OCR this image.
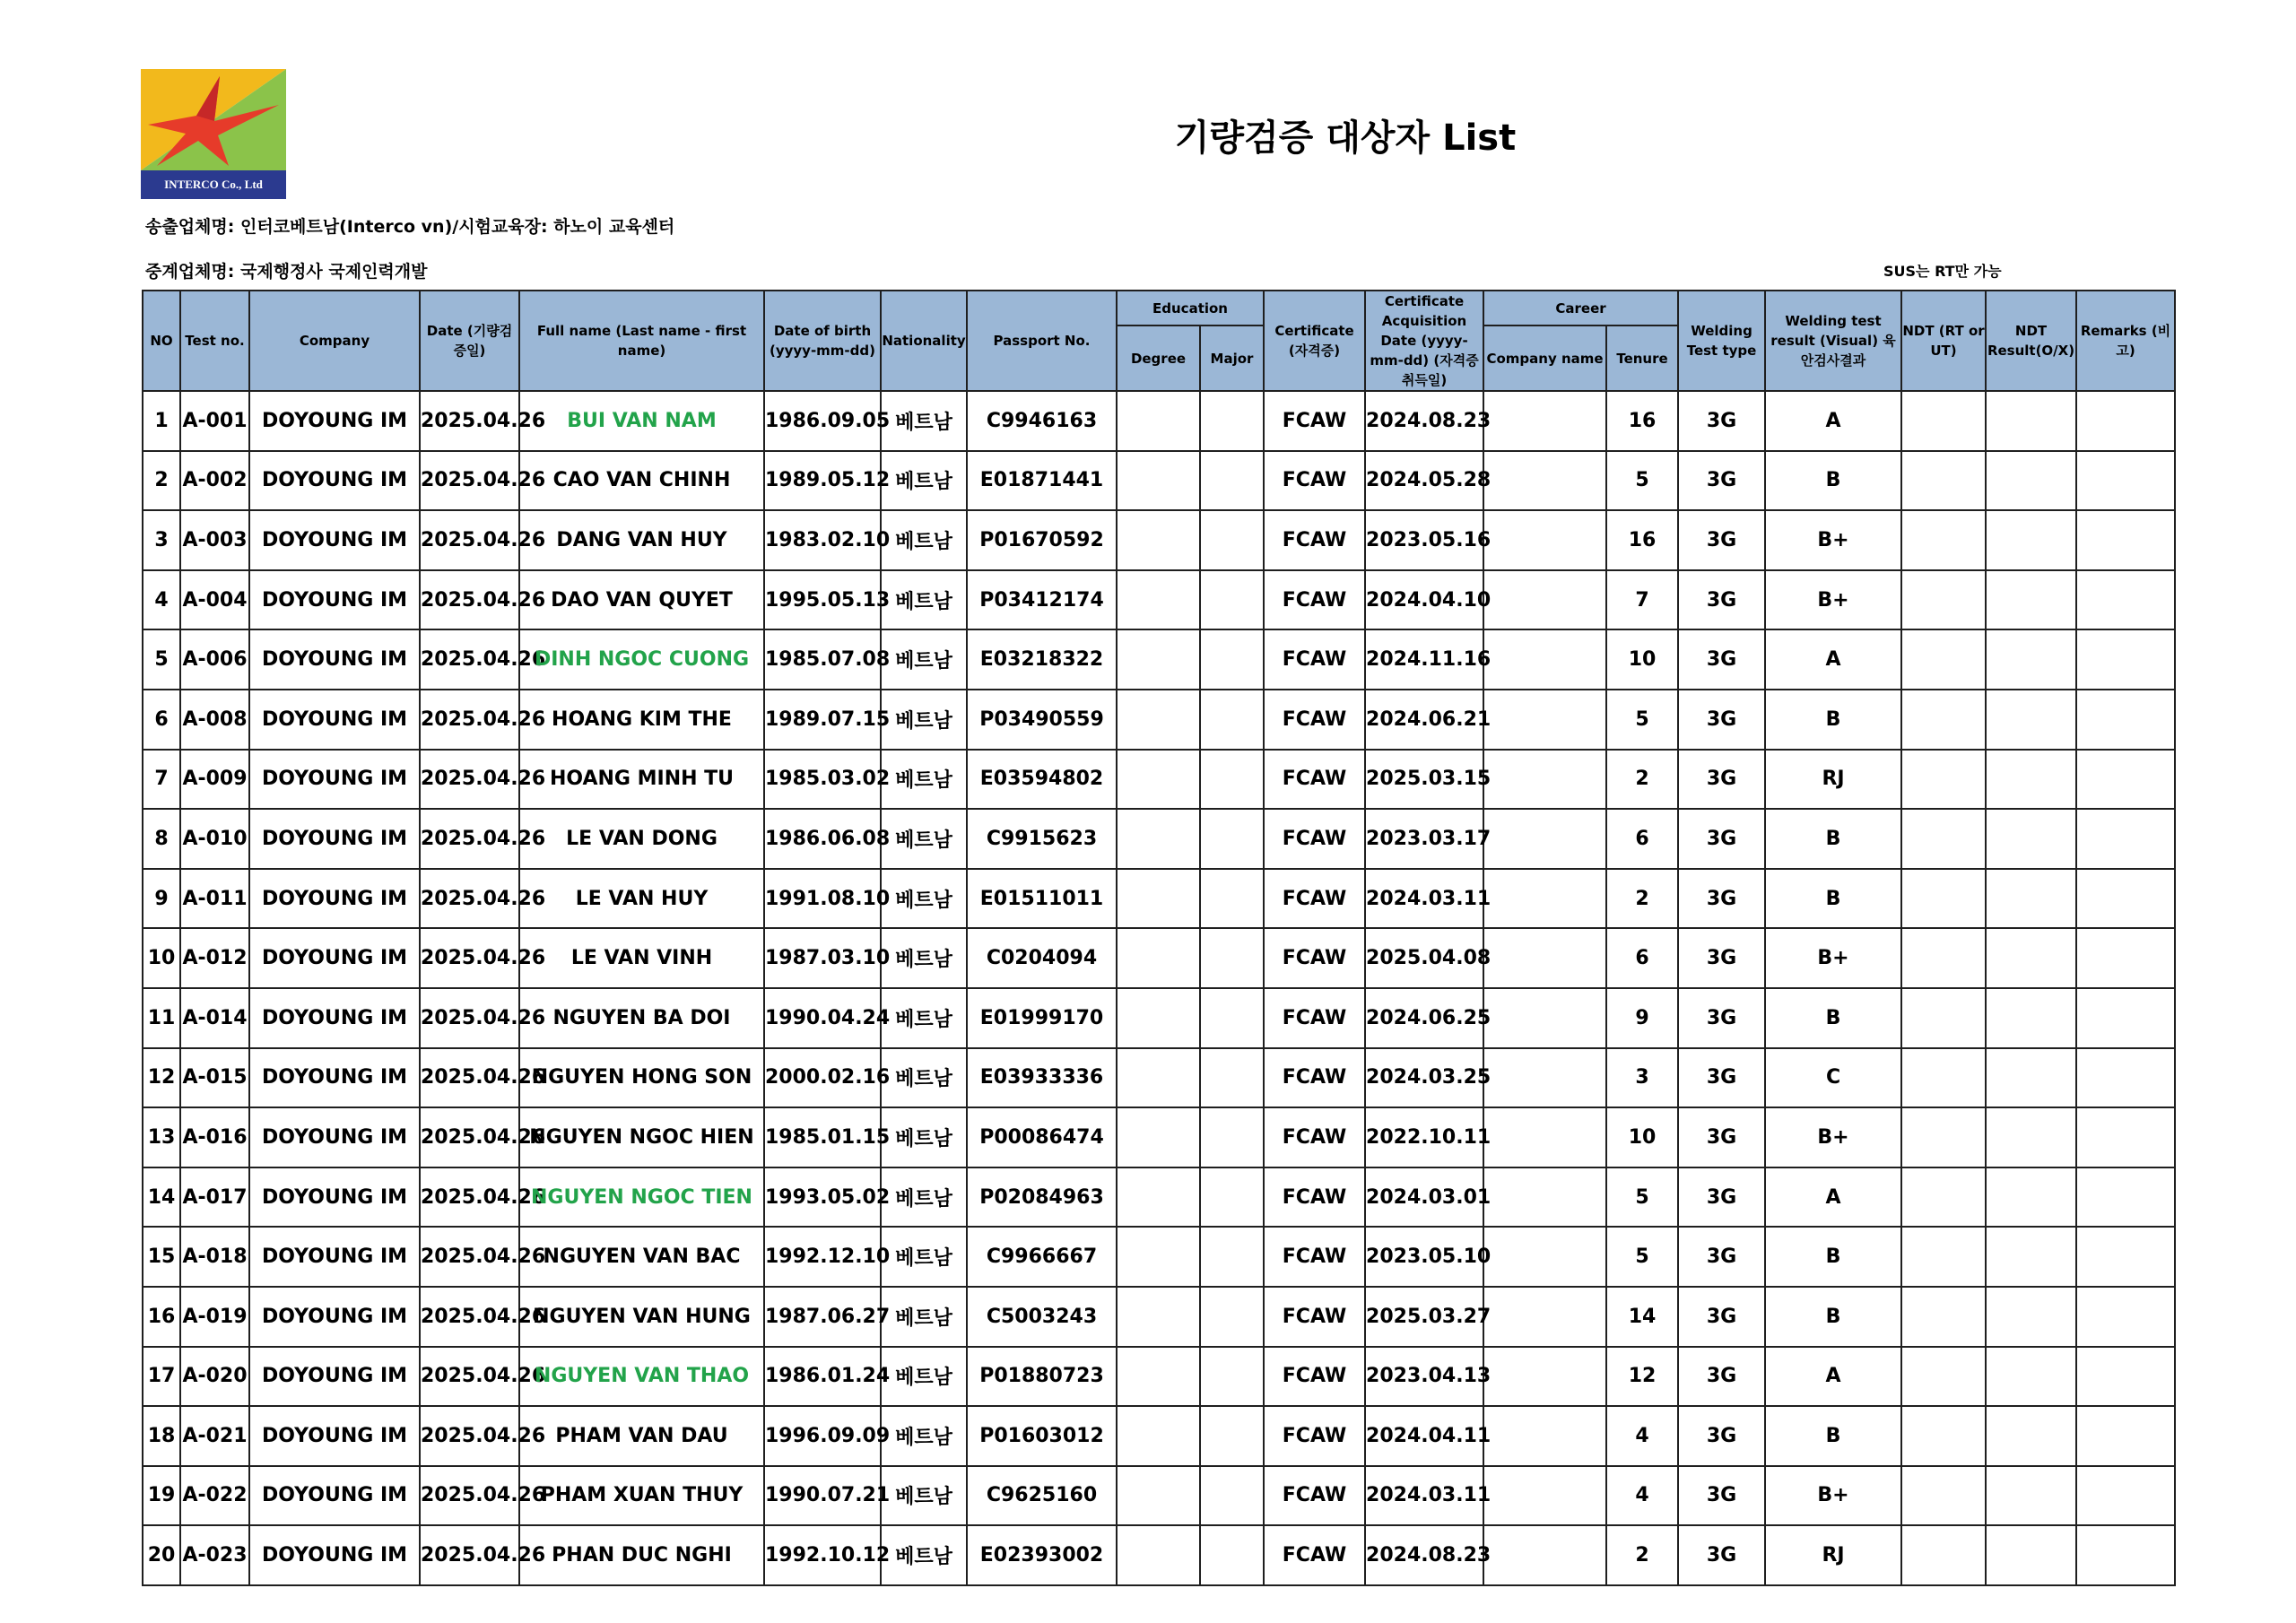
INTERCO Co., Ltd
기량검증 대상자 List
송출업체명: 인터코베트남(Interco vn)/시험교육장: 하노이 교육센터
중계업체명: 국제행정사 국제인력개발	SUS는 RT만 가능
NO	Test no.	Company	Date (기량검증일)	Full name (Last name - first name)	Date of birth (yyyy-mm-dd)	Nationality	Passport No.	Education		Certificate (자격증)	Certificate Acquisition Date (yyyy-mm-dd) (자격증취득일)	Career		Welding Test type	Welding test result (Visual) 육안검사결과	NDT (RT or UT)	NDT Result(O/X)	Remarks (비고)
								Degree	Major			Company name	Tenure					
1	A-001	DOYOUNG IM	2025.04.26	BUI VAN NAM	1986.09.05	베트남	C9946163			FCAW	2024.08.23		16	3G	A			
2	A-002	DOYOUNG IM	2025.04.26	CAO VAN CHINH	1989.05.12	베트남	E01871441			FCAW	2024.05.28		5	3G	B			
3	A-003	DOYOUNG IM	2025.04.26	DANG VAN HUY	1983.02.10	베트남	P01670592			FCAW	2023.05.16		16	3G	B+			
4	A-004	DOYOUNG IM	2025.04.26	DAO VAN QUYET	1995.05.13	베트남	P03412174			FCAW	2024.04.10		7	3G	B+			
5	A-006	DOYOUNG IM	2025.04.26	DINH NGOC CUONG	1985.07.08	베트남	E03218322			FCAW	2024.11.16		10	3G	A			
6	A-008	DOYOUNG IM	2025.04.26	HOANG KIM THE	1989.07.15	베트남	P03490559			FCAW	2024.06.21		5	3G	B			
7	A-009	DOYOUNG IM	2025.04.26	HOANG MINH TU	1985.03.02	베트남	E03594802			FCAW	2025.03.15		2	3G	RJ			
8	A-010	DOYOUNG IM	2025.04.26	LE VAN DONG	1986.06.08	베트남	C9915623			FCAW	2023.03.17		6	3G	B			
9	A-011	DOYOUNG IM	2025.04.26	LE VAN HUY	1991.08.10	베트남	E01511011			FCAW	2024.03.11		2	3G	B			
10	A-012	DOYOUNG IM	2025.04.26	LE VAN VINH	1987.03.10	베트남	C0204094			FCAW	2025.04.08		6	3G	B+			
11	A-014	DOYOUNG IM	2025.04.26	NGUYEN BA DOI	1990.04.24	베트남	E01999170			FCAW	2024.06.25		9	3G	B			
12	A-015	DOYOUNG IM	2025.04.26	NGUYEN HONG SON	2000.02.16	베트남	E03933336			FCAW	2024.03.25		3	3G	C			
13	A-016	DOYOUNG IM	2025.04.26	NGUYEN NGOC HIEN	1985.01.15	베트남	P00086474			FCAW	2022.10.11		10	3G	B+			
14	A-017	DOYOUNG IM	2025.04.26	NGUYEN NGOC TIEN	1993.05.02	베트남	P02084963			FCAW	2024.03.01		5	3G	A			
15	A-018	DOYOUNG IM	2025.04.26	NGUYEN VAN BAC	1992.12.10	베트남	C9966667			FCAW	2023.05.10		5	3G	B			
16	A-019	DOYOUNG IM	2025.04.26	NGUYEN VAN HUNG	1987.06.27	베트남	C5003243			FCAW	2025.03.27		14	3G	B			
17	A-020	DOYOUNG IM	2025.04.26	NGUYEN VAN THAO	1986.01.24	베트남	P01880723			FCAW	2023.04.13		12	3G	A			
18	A-021	DOYOUNG IM	2025.04.26	PHAM VAN DAU	1996.09.09	베트남	P01603012			FCAW	2024.04.11		4	3G	B			
19	A-022	DOYOUNG IM	2025.04.26	PHAM XUAN THUY	1990.07.21	베트남	C9625160			FCAW	2024.03.11		4	3G	B+			
20	A-023	DOYOUNG IM	2025.04.26	PHAN DUC NGHI	1992.10.12	베트남	E02393002			FCAW	2024.08.23		2	3G	RJ			
